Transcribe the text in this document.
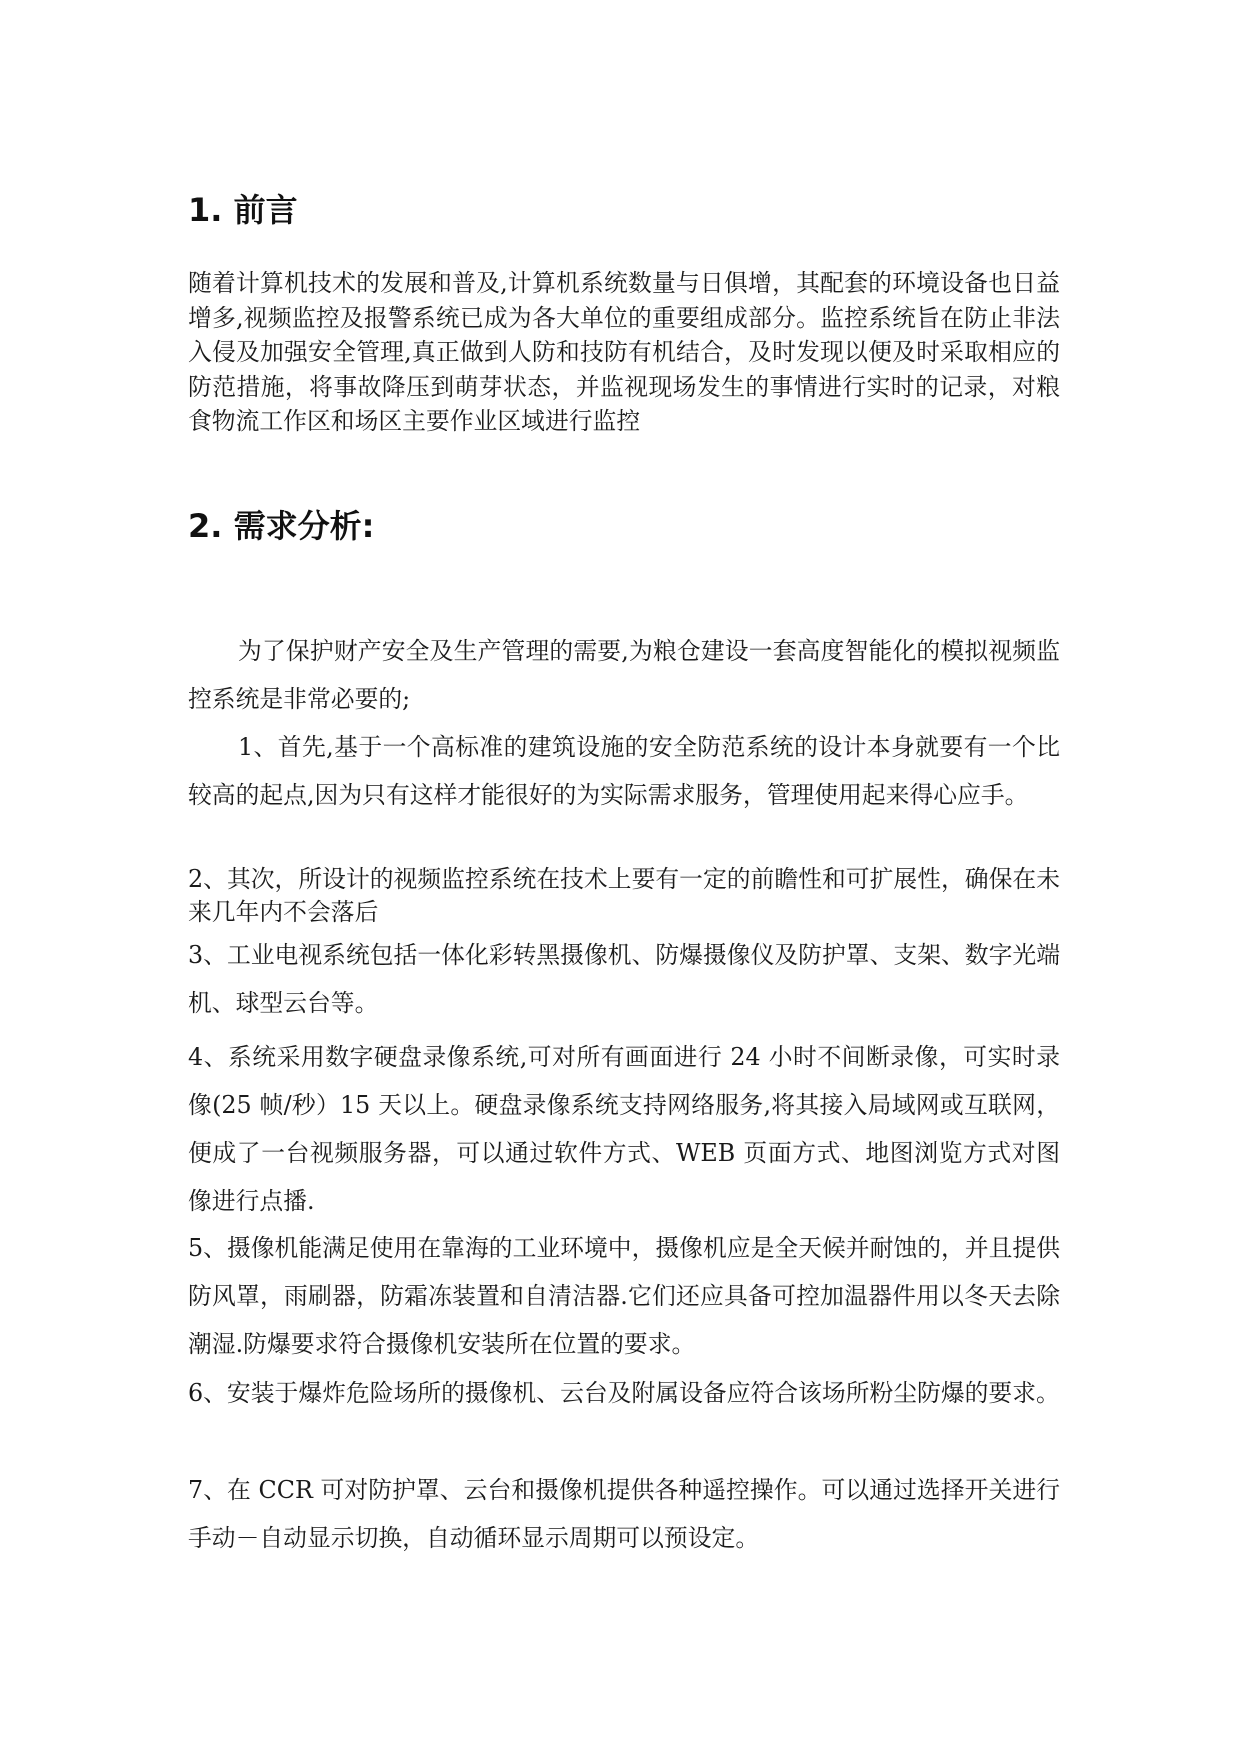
1. 前言

随着计算机技术的发展和普及,计算机系统数量与日俱增，其配套的环境设备也日益增多,视频监控及报警系统已成为各大单位的重要组成部分。监控系统旨在防止非法入侵及加强安全管理,真正做到人防和技防有机结合，及时发现以便及时采取相应的防范措施，将事故降压到萌芽状态，并监视现场发生的事情进行实时的记录，对粮食物流工作区和场区主要作业区域进行监控

2. 需求分析:

为了保护财产安全及生产管理的需要,为粮仓建设一套高度智能化的模拟视频监控系统是非常必要的;

1、首先,基于一个高标准的建筑设施的安全防范系统的设计本身就要有一个比较高的起点,因为只有这样才能很好的为实际需求服务，管理使用起来得心应手。

2、其次，所设计的视频监控系统在技术上要有一定的前瞻性和可扩展性，确保在未来几年内不会落后

3、工业电视系统包括一体化彩转黑摄像机、防爆摄像仪及防护罩、支架、数字光端机、球型云台等。

4、系统采用数字硬盘录像系统,可对所有画面进行 24 小时不间断录像，可实时录像(25 帧/秒）15 天以上。硬盘录像系统支持网络服务,将其接入局域网或互联网，便成了一台视频服务器，可以通过软件方式、WEB 页面方式、地图浏览方式对图像进行点播.

5、摄像机能满足使用在靠海的工业环境中，摄像机应是全天候并耐蚀的，并且提供防风罩，雨刷器，防霜冻装置和自清洁器.它们还应具备可控加温器件用以冬天去除潮湿.防爆要求符合摄像机安装所在位置的要求。

6、安装于爆炸危险场所的摄像机、云台及附属设备应符合该场所粉尘防爆的要求。

7、在 CCR 可对防护罩、云台和摄像机提供各种遥控操作。可以通过选择开关进行手动－自动显示切换，自动循环显示周期可以预设定。
